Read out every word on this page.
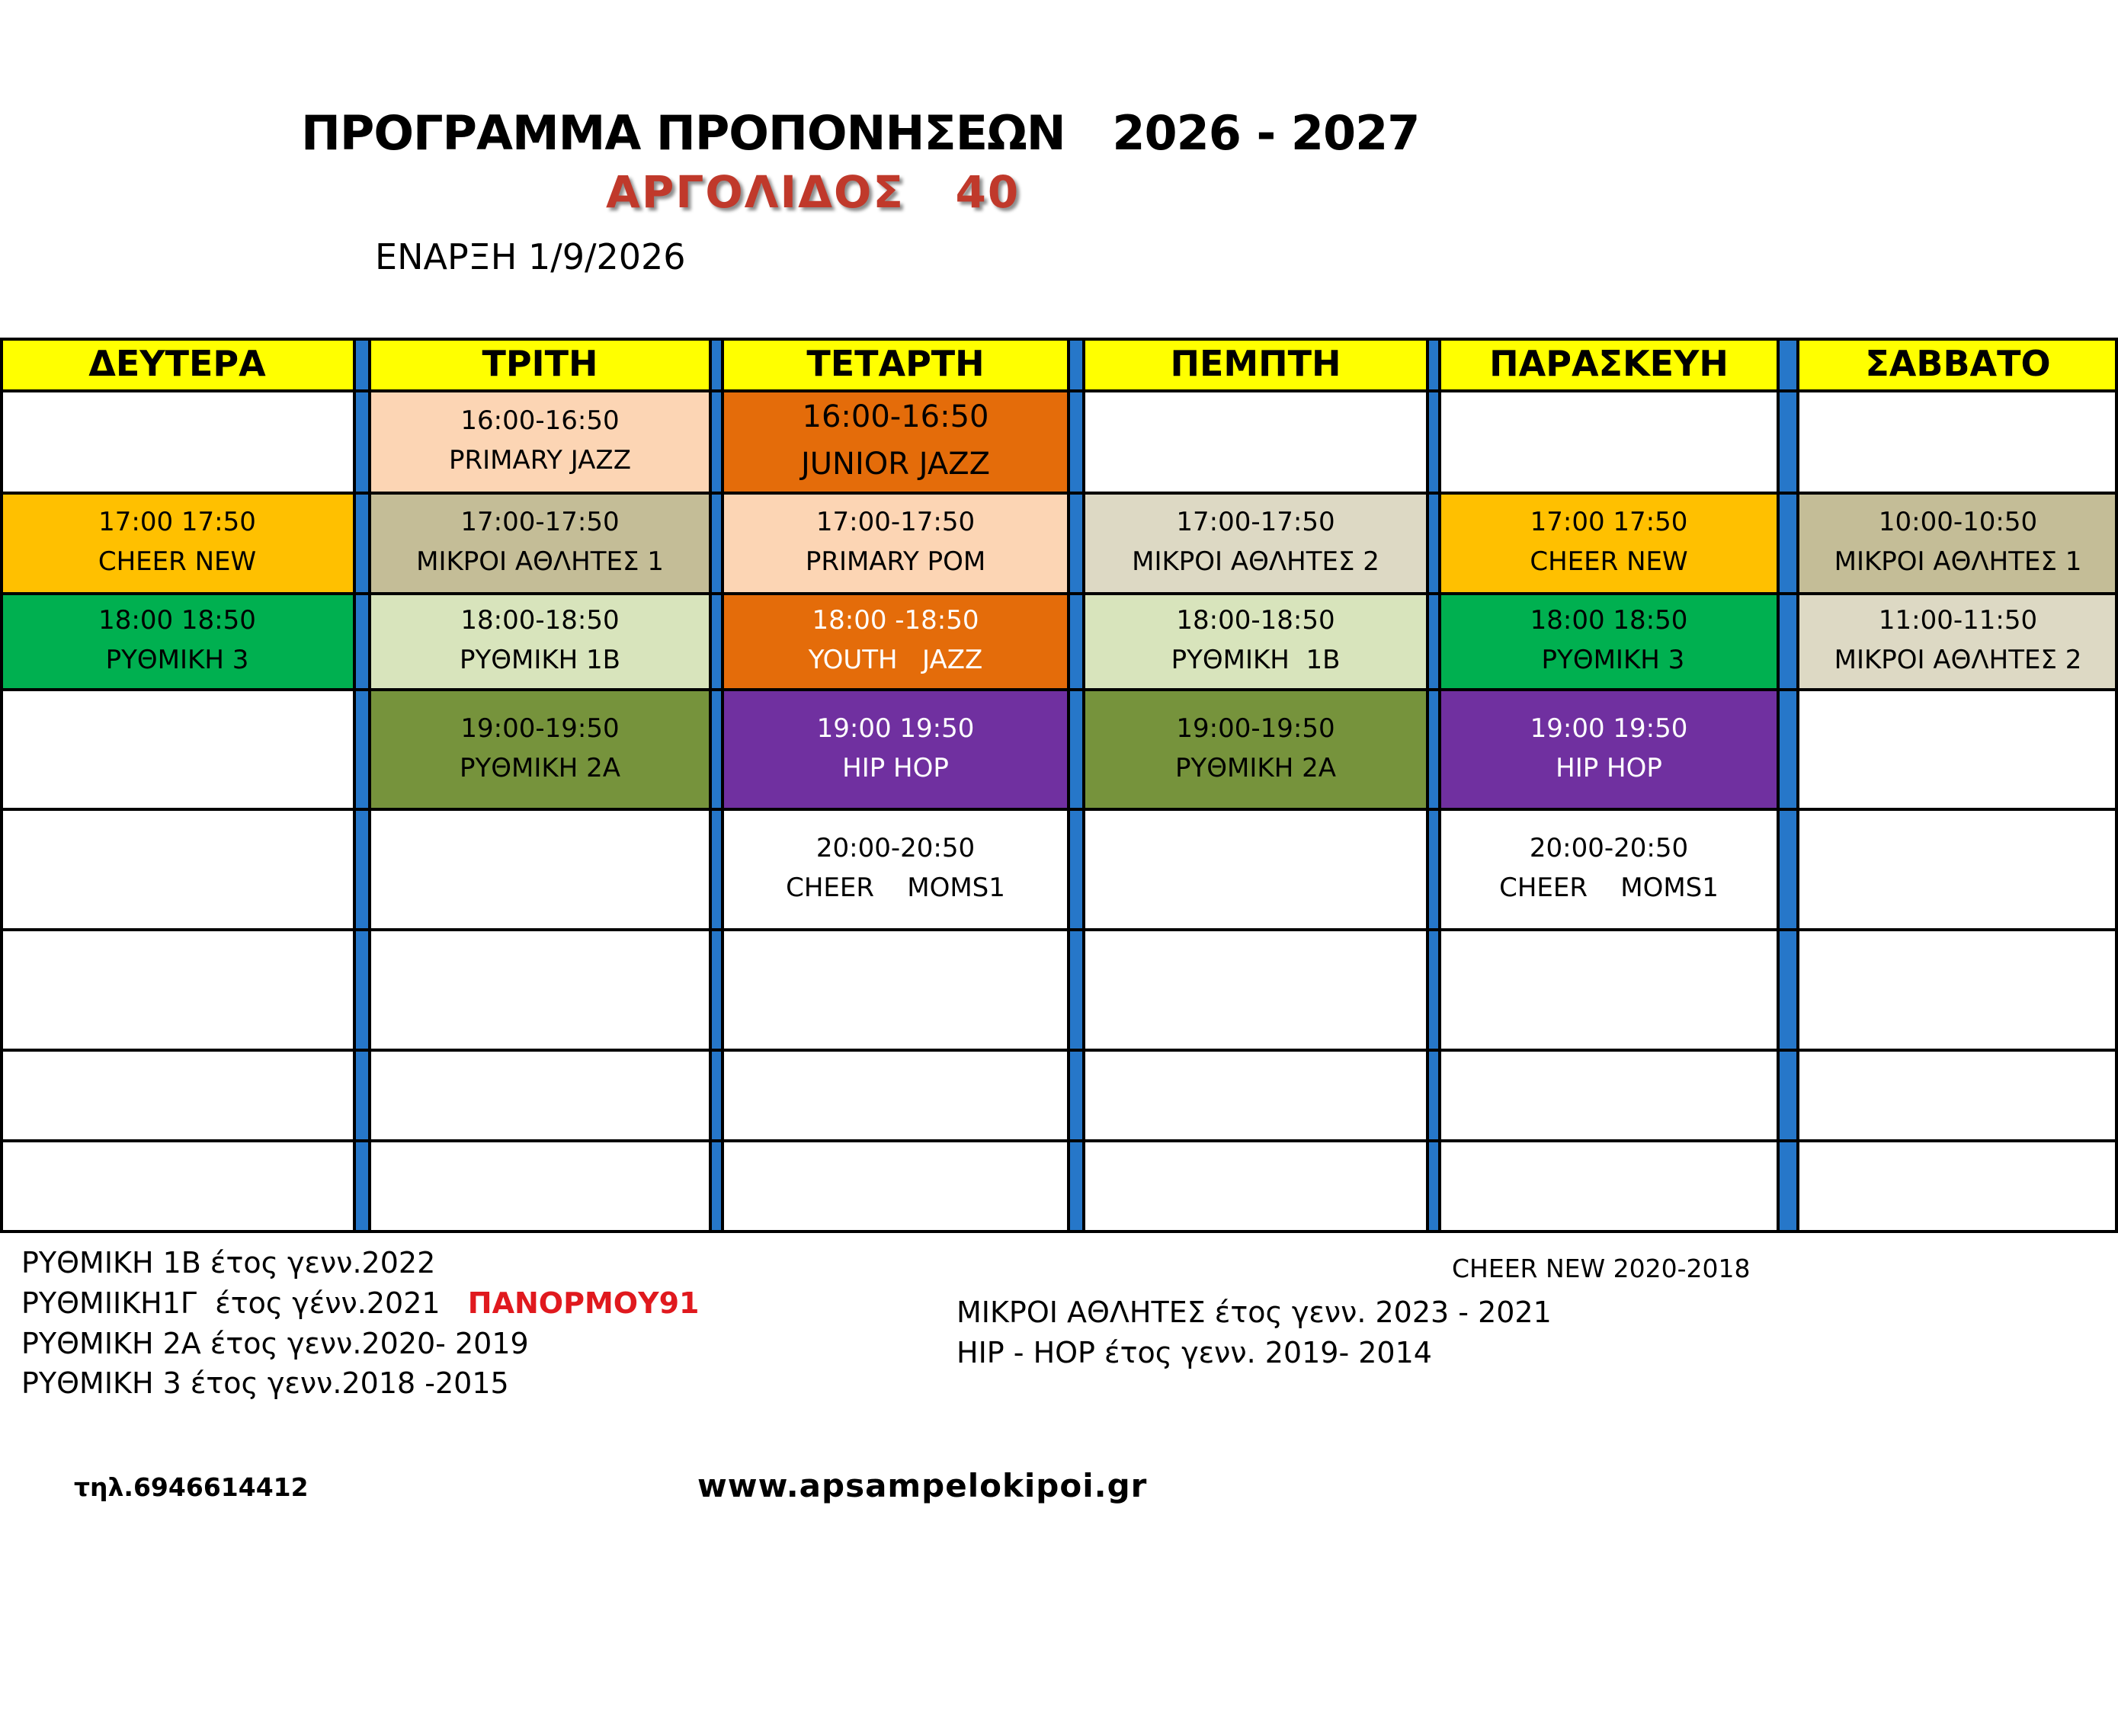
ΠΡΟΓΡΑΜΜΑ ΠΡΟΠΟΝΗΣΕΩΝ   2026 - 2027
ΑΡΓΟΛΙΔΟΣ   40
ΕΝΑΡΞΗ 1/9/2026
ΔΕΥΤΕΡΑ
17:00 17:50
CHEER NEW
18:00 18:50
ΡΥΘΜΙΚΗ 3
ΤΡΙΤΗ
16:00-16:50
PRIMARY JAZZ
17:00-17:50
ΜΙΚΡΟΙ ΑΘΛΗΤΕΣ 1
18:00-18:50
ΡΥΘΜΙΚΗ 1Β
19:00-19:50
ΡΥΘΜΙΚΗ 2Α
ΤΕΤΑΡΤΗ
16:00-16:50
JUNIOR JAZZ
17:00-17:50
PRIMARY POM
18:00 -18:50
YOUTH   JAZZ
19:00 19:50
HIP HOP
20:00-20:50
CHEER    MOMS1
ΠΕΜΠΤΗ
17:00-17:50
ΜΙΚΡΟΙ ΑΘΛΗΤΕΣ 2
18:00-18:50
ΡΥΘΜΙΚΗ  1Β
19:00-19:50
ΡΥΘΜΙΚΗ 2Α
ΠΑΡΑΣΚΕΥΗ
17:00 17:50
CHEER NEW
18:00 18:50
ΡΥΘΜΙΚΗ 3
19:00 19:50
HIP HOP
20:00-20:50
CHEER    MOMS1
ΣΑΒΒΑΤΟ
10:00-10:50
ΜΙΚΡΟΙ ΑΘΛΗΤΕΣ 1
11:00-11:50
ΜΙΚΡΟΙ ΑΘΛΗΤΕΣ 2
ΡΥΘΜΙΚΗ 1Β έτος γενν.2022
ΡΥΘΜΙΙΚΗ1Γ  έτος γένν.2021   ΠΑΝΟΡΜΟΥ91
ΡΥΘΜΙΚΗ 2Α έτος γενν.2020- 2019
ΡΥΘΜΙΚΗ 3 έτος γενν.2018 -2015
CHEER NEW 2020-2018
ΜΙΚΡΟΙ ΑΘΛΗΤΕΣ έτος γενν. 2023 - 2021
HIP - HOP έτος γενν. 2019- 2014
τηλ.6946614412	www.apsampelokipoi.gr
